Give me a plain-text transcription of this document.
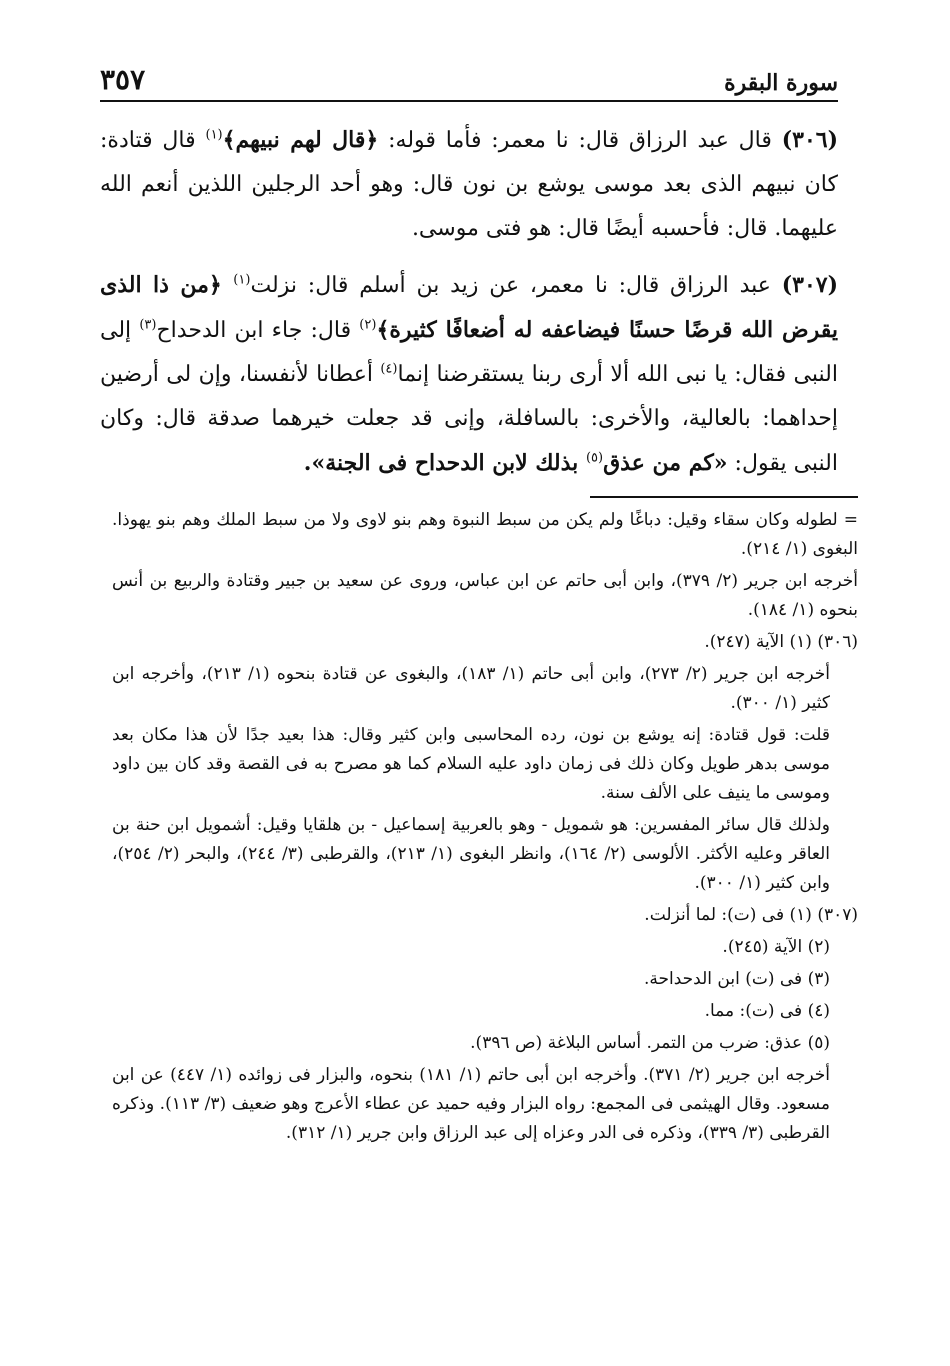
سورة البقرة
٣٥٧

(٣٠٦) قال عبد الرزاق قال: نا معمر: فأما قوله: ﴿قال لهم نبيهم﴾$^{(١)}$ قال قتادة: كان نبيهم الذى بعد موسى يوشع بن نون قال: وهو أحد الرجلين اللذين أنعم الله عليهما. قال: فأحسبه أيضًا قال: هو فتى موسى.

(٣٠٧) عبد الرزاق قال: نا معمر، عن زيد بن أسلم قال: نزلت$^{(١)}$ ﴿من ذا الذى يقرض الله قرضًا حسنًا فيضاعفه له أضعافًا كثيرة﴾$^{(٢)}$ قال: جاء ابن الدحداح$^{(٣)}$ إلى النبى فقال: يا نبى الله ألا أرى ربنا يستقرضنا إنما$^{(٤)}$ أعطانا لأنفسنا، وإن لى أرضين إحداهما: بالعالية، والأخرى: بالسافلة، وإنى قد جعلت خيرهما صدقة قال: وكان النبى يقول: «كم من عذق$^{(٥)}$ بذلك لابن الدحداح فى الجنة».

= لطوله وكان سقاء وقيل: دباغًا ولم يكن من سبط النبوة وهم بنو لاوى ولا من سبط الملك وهم بنو يهوذا. البغوى (١/ ٢١٤).

أخرجه ابن جرير (٢/ ٣٧٩)، وابن أبى حاتم عن ابن عباس، وروى عن سعيد بن جبير وقتادة والربيع بن أنس بنحوه (١/ ١٨٤).

(٣٠٦) (١) الآية (٢٤٧).

أخرجه ابن جرير (٢/ ٢٧٣)، وابن أبى حاتم (١/ ١٨٣)، والبغوى عن قتادة بنحوه (١/ ٢١٣)، وأخرجه ابن كثير (١/ ٣٠٠).

قلت: قول قتادة: إنه يوشع بن نون، رده المحاسبى وابن كثير وقال: هذا بعيد جدًا لأن هذا مكان بعد موسى بدهر طويل وكان ذلك فى زمان داود عليه السلام كما هو مصرح به فى القصة وقد كان بين داود وموسى ما ينيف على الألف سنة.

ولذلك قال سائر المفسرين: هو شمويل - وهو بالعربية إسماعيل - بن هلقايا وقيل: أشمويل ابن حنة بن العاقر وعليه الأكثر. الألوسى (٢/ ١٦٤)، وانظر البغوى (١/ ٢١٣)، والقرطبى (٣/ ٢٤٤)، والبحر (٢/ ٢٥٤)، وابن كثير (١/ ٣٠٠).

(٣٠٧) (١) فى (ت): لما أنزلت.

(٢) الآية (٢٤٥).

(٣) فى (ت) ابن الدحداحة.

(٤) فى (ت): مما.

(٥) عذق: ضرب من التمر. أساس البلاغة (ص ٣٩٦).

أخرجه ابن جرير (٢/ ٣٧١). وأخرجه ابن أبى حاتم (١/ ١٨١) بنحوه، والبزار فى زوائده (١/ ٤٤٧) عن ابن مسعود. وقال الهيثمى فى المجمع: رواه البزار وفيه حميد عن عطاء الأعرج وهو ضعيف (٣/ ١١٣). وذكره القرطبى (٣/ ٣٣٩)، وذكره فى الدر وعزاه إلى عبد الرزاق وابن جرير (١/ ٣١٢).
